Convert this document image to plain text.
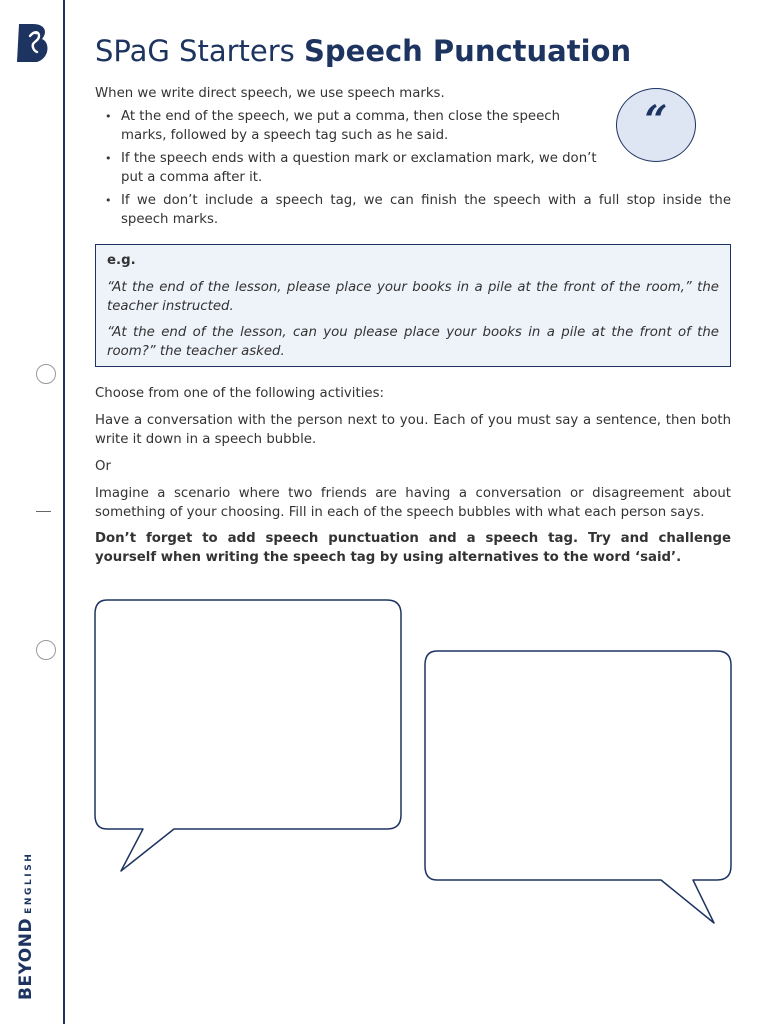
BEYONDENGLISH
SPaG Starters Speech Punctuation
When we write direct speech, we use speech marks.
• At the end of the speech, we put a comma, then close the speech marks, followed by a speech tag such as he said.
• If the speech ends with a question mark or exclamation mark, we don’t put a comma after it.
• If we don’t include a speech tag, we can finish the speech with a full stop inside the speech marks.
“
e.g.
“At the end of the lesson, please place your books in a pile at the front of the room,” the teacher instructed.
“At the end of the lesson, can you please place your books in a pile at the front of the room?” the teacher asked.
Choose from one of the following activities:
Have a conversation with the person next to you. Each of you must say a sentence, then both write it down in a speech bubble.
Or
Imagine a scenario where two friends are having a conversation or disagreement about something of your choosing. Fill in each of the speech bubbles with what each person says.
Don’t forget to add speech punctuation and a speech tag. Try and challenge yourself when writing the speech tag by using alternatives to the word ‘said’.
